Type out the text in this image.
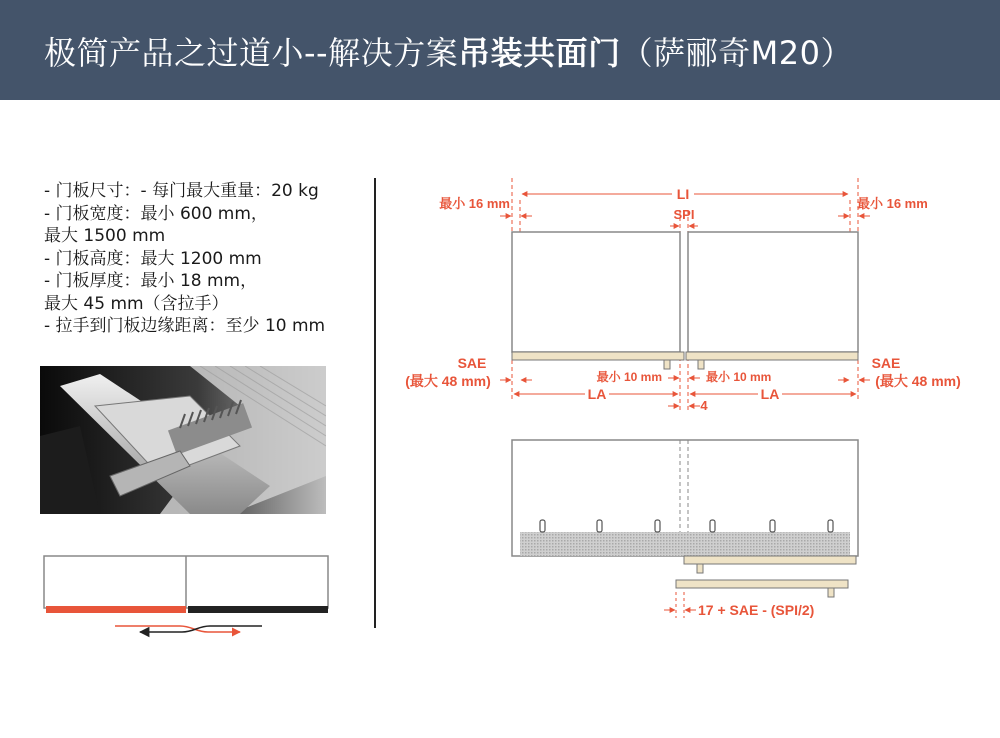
极简产品之过道小--解决方案吊装共面门（萨郦奇M20）
- 门板尺寸：- 每门最大重量：20 kg
- 门板宽度：最小 600 mm，
最大 1500 mm
- 门板高度：最大 1200 mm
- 门板厚度：最小 18 mm，
最大 45 mm（含拉手）
- 拉手到门板边缘距离：至少 10 mm
LI
最小 16 mm	最小 16 mm
SPI
SAE
(最大 48 mm)
SAE
(最大 48 mm)
最小 10 mm	最小 10 mm
LA	LA
4
17 + SAE - (SPI/2)
